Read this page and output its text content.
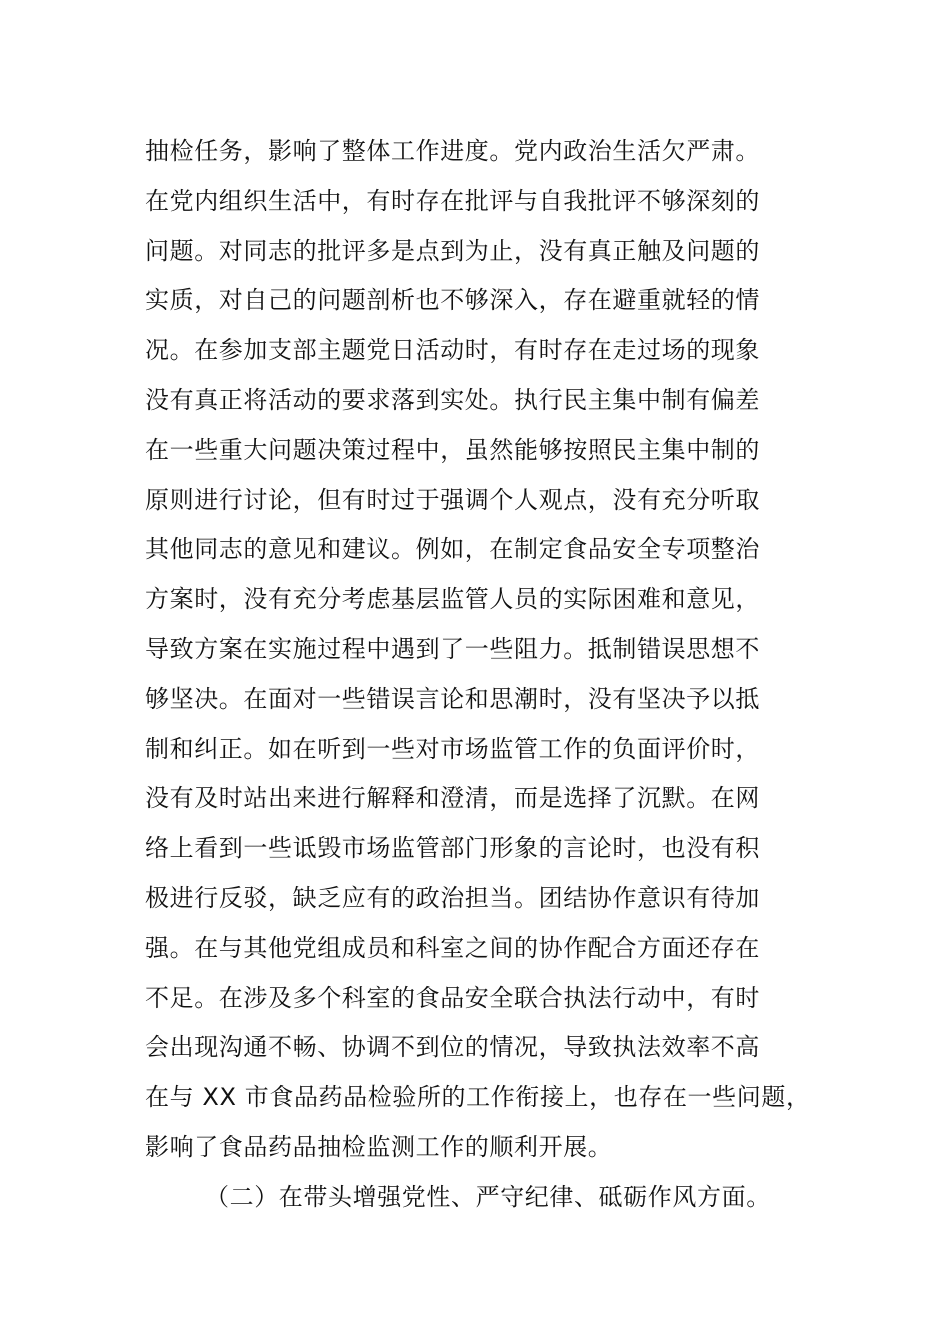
抽检任务，影响了整体工作进度。党内政治生活欠严肃。
在党内组织生活中，有时存在批评与自我批评不够深刻的
问题。对同志的批评多是点到为止，没有真正触及问题的
实质，对自己的问题剖析也不够深入，存在避重就轻的情
况。在参加支部主题党日活动时，有时存在走过场的现象
没有真正将活动的要求落到实处。执行民主集中制有偏差
在一些重大问题决策过程中，虽然能够按照民主集中制的
原则进行讨论，但有时过于强调个人观点，没有充分听取
其他同志的意见和建议。例如，在制定食品安全专项整治
方案时，没有充分考虑基层监管人员的实际困难和意见，
导致方案在实施过程中遇到了一些阻力。抵制错误思想不
够坚决。在面对一些错误言论和思潮时，没有坚决予以抵
制和纠正。如在听到一些对市场监管工作的负面评价时，
没有及时站出来进行解释和澄清，而是选择了沉默。在网
络上看到一些诋毁市场监管部门形象的言论时，也没有积
极进行反驳，缺乏应有的政治担当。团结协作意识有待加
强。在与其他党组成员和科室之间的协作配合方面还存在
不足。在涉及多个科室的食品安全联合执法行动中，有时
会出现沟通不畅、协调不到位的情况，导致执法效率不高
在与 XX 市食品药品检验所的工作衔接上，也存在一些问题，
影响了食品药品抽检监测工作的顺利开展。
（二）在带头增强党性、严守纪律、砥砺作风方面。
